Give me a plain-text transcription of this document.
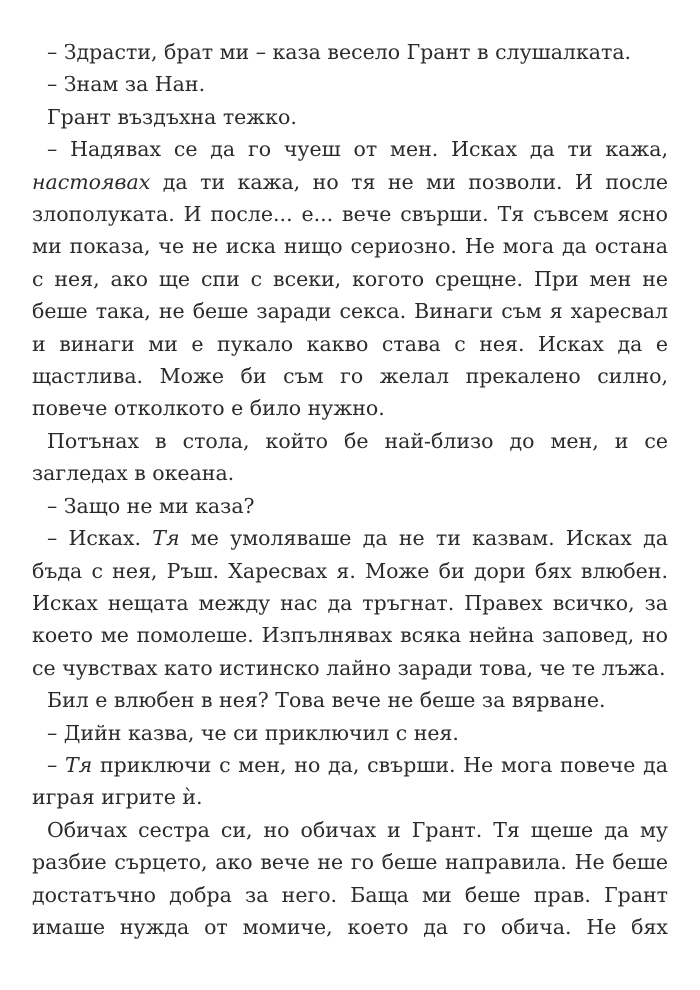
– Здрасти, брат ми – каза весело Грант в слушалката.

– Знам за Нан.

Грант въздъхна тежко.

– Надявах се да го чуеш от мен. Исках да ти кажа, настоявах да ти кажа, но тя не ми позволи. И после злополуката. И после... е... вече свърши. Тя съвсем ясно ми показа, че не иска нищо сериозно. Не мога да остана с нея, ако ще спи с всеки, когото срещне. При мен не беше така, не беше заради секса. Винаги съм я харесвал и винаги ми е пукало какво става с нея. Исках да е щастлива. Може би съм го желал прекалено силно, повече отколкото е било нужно.

Потънах в стола, който бе най-близо до мен, и се загледах в океана.

– Защо не ми каза?

– Исках. Тя ме умоляваше да не ти казвам. Исках да бъда с нея, Ръш. Харесвах я. Може би дори бях влюбен. Исках нещата между нас да тръгнат. Правех всичко, за което ме помолеше. Изпълнявах всяка нейна заповед, но се чувствах като истинско лайно заради това, че те лъжа.

Бил е влюбен в нея? Това вече не беше за вярване.

– Дийн казва, че си приключил с нея.

– Тя приключи с мен, но да, свърши. Не мога повече да играя игрите ѝ.

Обичах сестра си, но обичах и Грант. Тя щеше да му разбие сърцето, ако вече не го беше направила. Не беше достатъчно добра за него. Баща ми беше прав. Грант имаше нужда от момиче, което да го обича. Не бях
